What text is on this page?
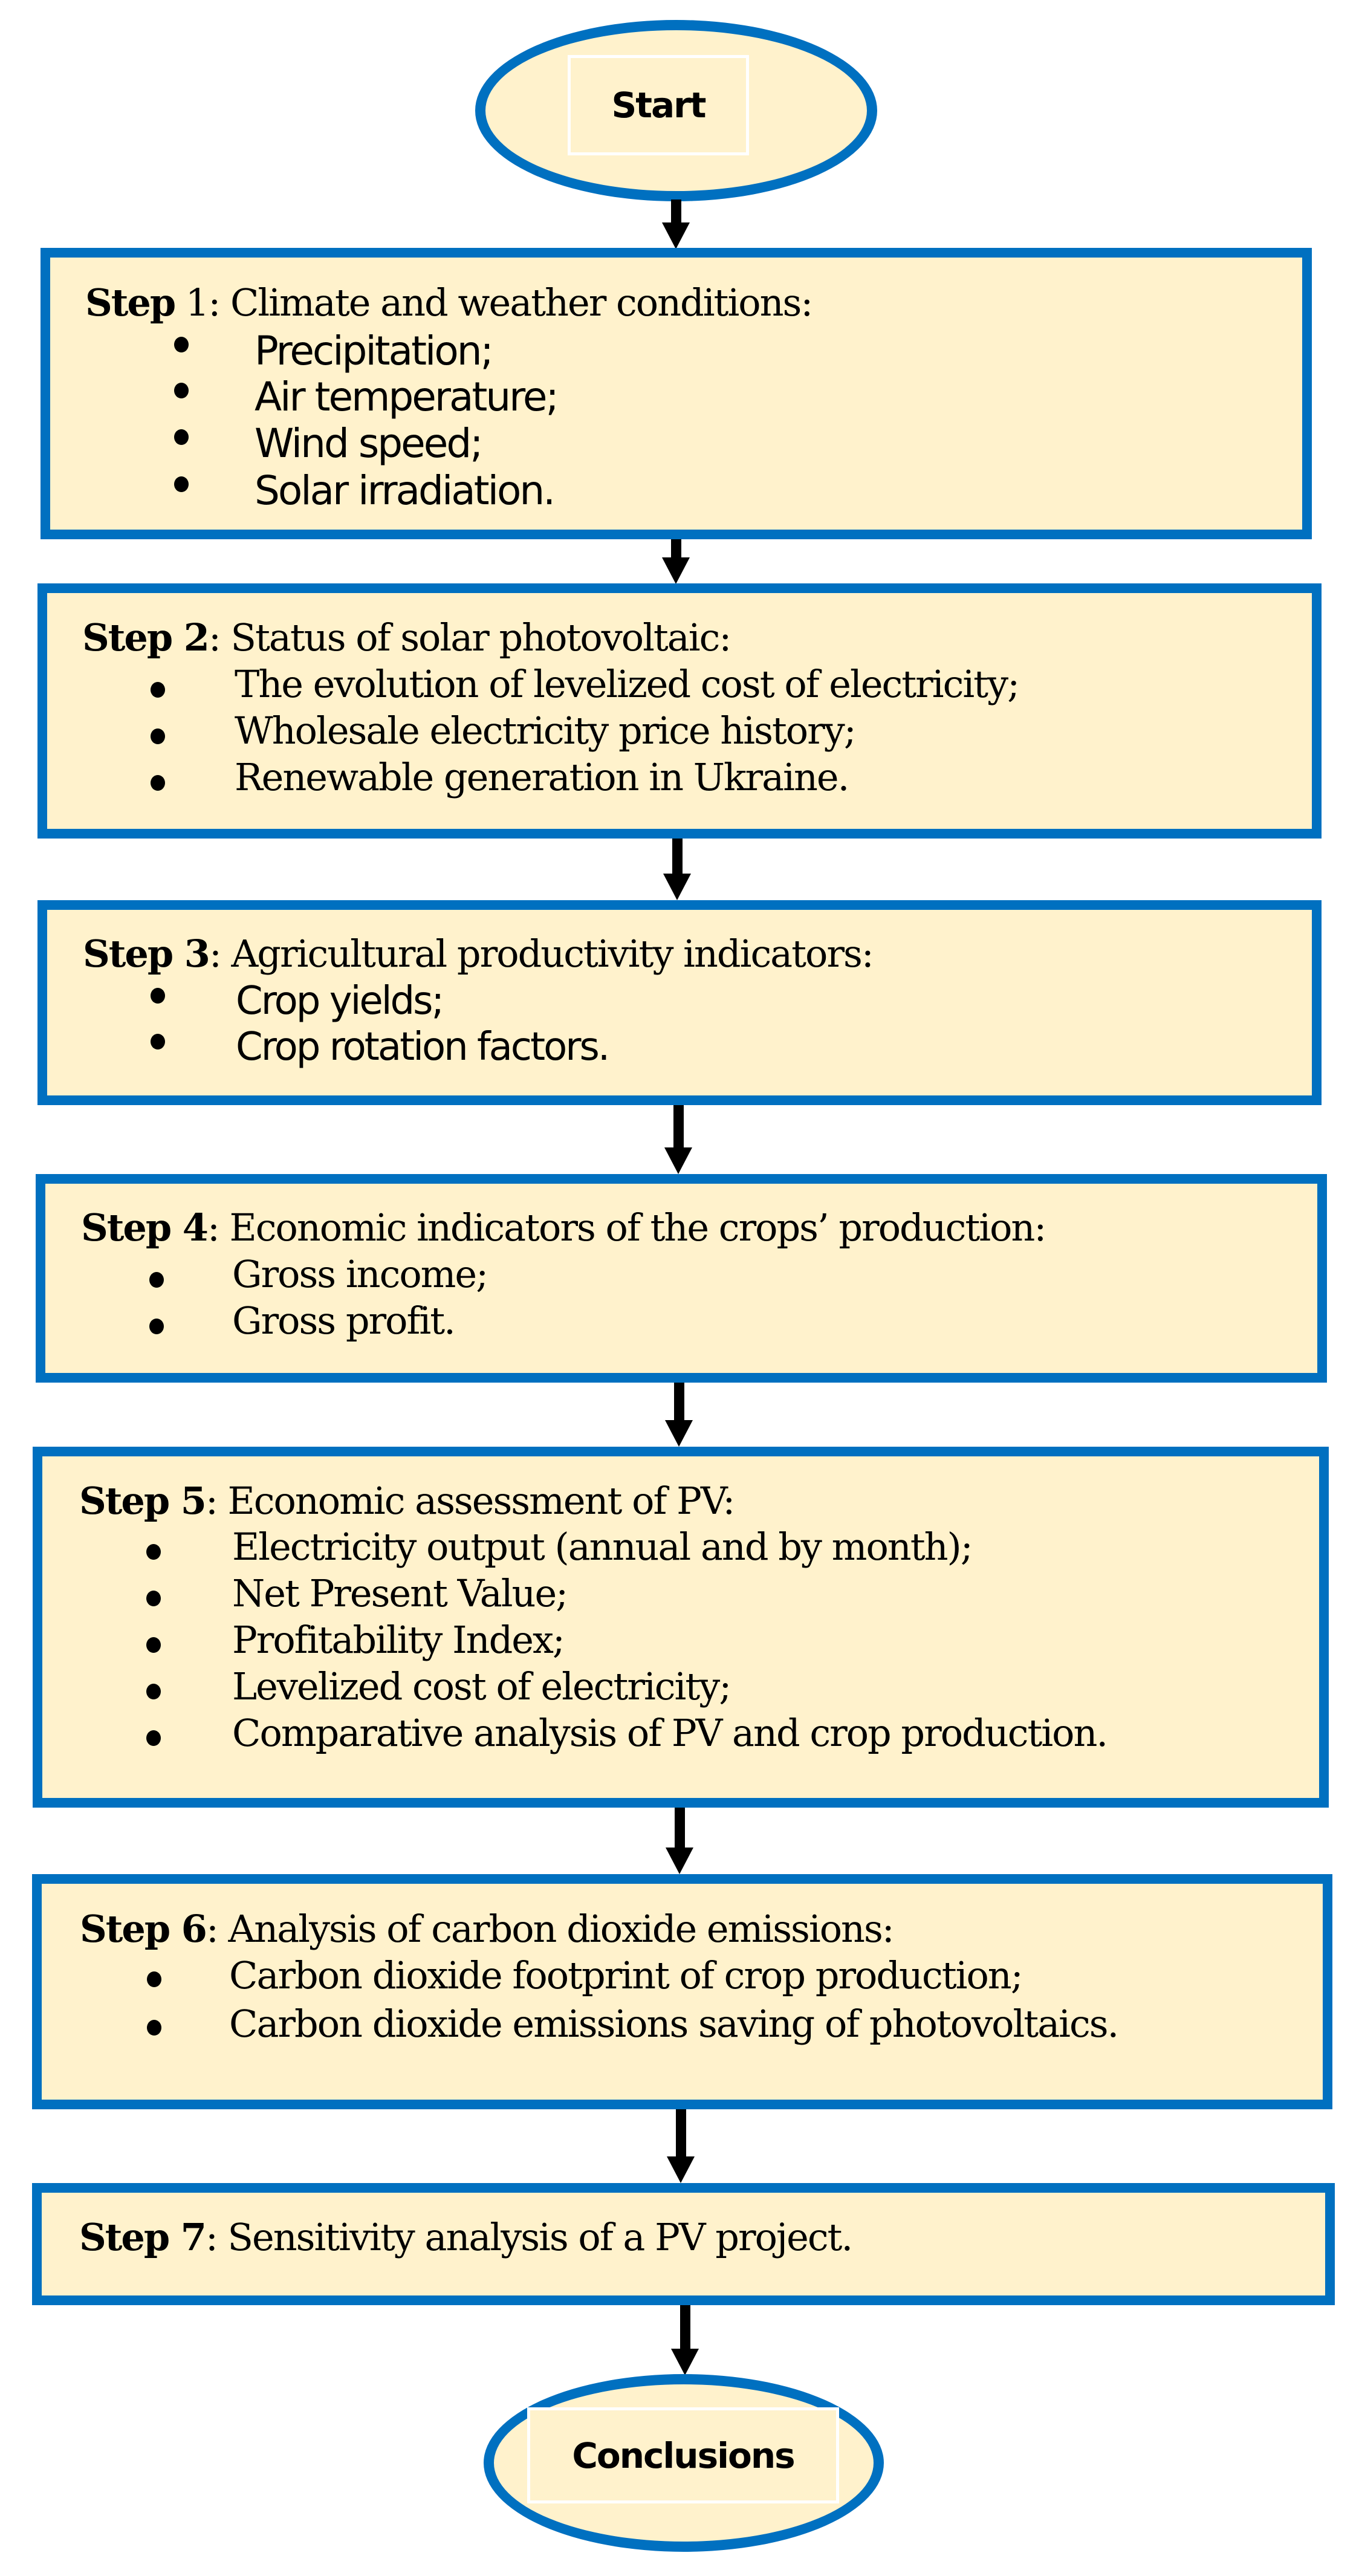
Start
Step 1: Climate and weather conditions:
Precipitation;
Air temperature;
Wind speed;
Solar irradiation.
Step 2: Status of solar photovoltaic:
The evolution of levelized cost of electricity;
Wholesale electricity price history;
Renewable generation in Ukraine.
Step 3: Agricultural productivity indicators:
Crop yields;
Crop rotation factors.
Step 4: Economic indicators of the crops’ production:
Gross income;
Gross profit.
Step 5: Economic assessment of PV:
Electricity output (annual and by month);
Net Present Value;
Profitability Index;
Levelized cost of electricity;
Comparative analysis of PV and crop production.
Step 6: Analysis of carbon dioxide emissions:
Carbon dioxide footprint of crop production;
Carbon dioxide emissions saving of photovoltaics.
Step 7: Sensitivity analysis of a PV project.
Conclusions
